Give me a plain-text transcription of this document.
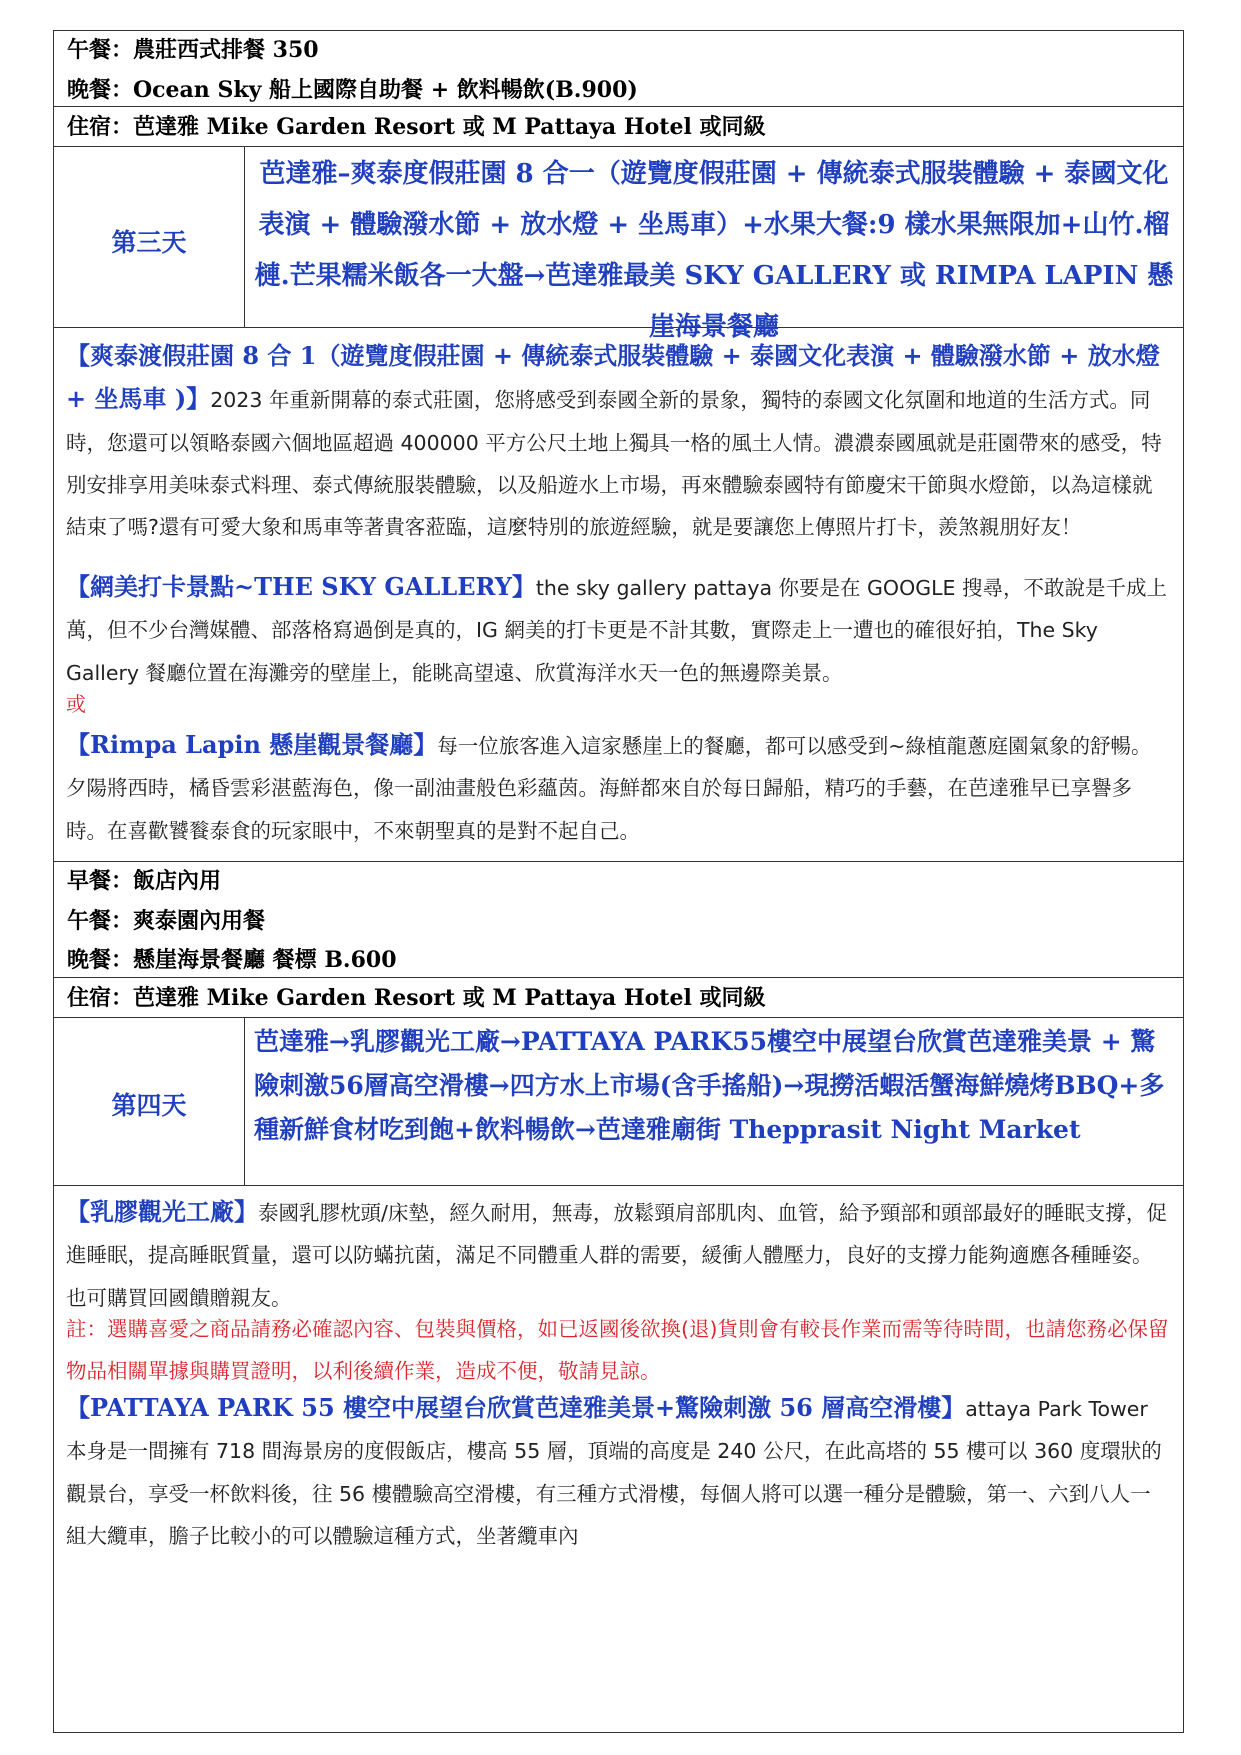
午餐：農莊西式排餐 350
晚餐：Ocean Sky 船上國際自助餐 + 飲料暢飲(B.900)
住宿：芭達雅 Mike Garden Resort 或 M Pattaya Hotel 或同級
第三天
芭達雅–爽泰度假莊園 8 合一（遊覽度假莊園 + 傳統泰式服裝體驗 + 泰國文化表演 + 體驗潑水節 + 放水燈 + 坐馬車）+水果大餐:9 樣水果無限加+山竹.榴槤.芒果糯米飯各一大盤→芭達雅最美 SKY GALLERY 或 RIMPA LAPIN 懸崖海景餐廳
【爽泰渡假莊園 8 合 1（遊覽度假莊園 + 傳統泰式服裝體驗 + 泰國文化表演 + 體驗潑水節 + 放水燈 + 坐馬車 )】2023 年重新開幕的泰式莊園，您將感受到泰國全新的景象，獨特的泰國文化氛圍和地道的生活方式。同時，您還可以領略泰國六個地區超過 400000 平方公尺土地上獨具一格的風土人情。濃濃泰國風就是莊園帶來的感受，特別安排享用美味泰式料理、泰式傳統服裝體驗，以及船遊水上市場，再來體驗泰國特有節慶宋干節與水燈節，以為這樣就結束了嗎?還有可愛大象和馬車等著貴客蒞臨，這麼特別的旅遊經驗，就是要讓您上傳照片打卡，羨煞親朋好友！
【網美打卡景點~THE SKY GALLERY】the sky gallery pattaya 你要是在 GOOGLE 搜尋，不敢說是千成上萬，但不少台灣媒體、部落格寫過倒是真的，IG 網美的打卡更是不計其數，實際走上一遭也的確很好拍，The Sky Gallery 餐廳位置在海灘旁的壁崖上，能眺高望遠、欣賞海洋水天一色的無邊際美景。
或
【Rimpa Lapin 懸崖觀景餐廳】每一位旅客進入這家懸崖上的餐廳，都可以感受到~綠植龍蔥庭園氣象的舒暢。夕陽將西時，橘昏雲彩湛藍海色，像一副油畫般色彩蘊茵。海鮮都來自於每日歸船，精巧的手藝，在芭達雅早已享譽多時。在喜歡饕餮泰食的玩家眼中，不來朝聖真的是對不起自己。
早餐：飯店內用
午餐：爽泰園內用餐
晚餐：懸崖海景餐廳 餐標 B.600
住宿：芭達雅 Mike Garden Resort 或 M Pattaya Hotel 或同級
第四天
芭達雅→乳膠觀光工廠→PATTAYA PARK55樓空中展望台欣賞芭達雅美景 + 驚險刺激56層高空滑樓→四方水上市場(含手搖船)→現撈活蝦活蟹海鮮燒烤BBQ+多種新鮮食材吃到飽+飲料暢飲→芭達雅廟街 Thepprasit Night Market
【乳膠觀光工廠】泰國乳膠枕頭/床墊，經久耐用，無毒，放鬆頸肩部肌肉、血管，給予頸部和頭部最好的睡眠支撐，促進睡眠，提高睡眠質量，還可以防蟎抗菌，滿足不同體重人群的需要，緩衝人體壓力，良好的支撐力能夠適應各種睡姿。也可購買回國饋贈親友。
註：選購喜愛之商品請務必確認內容、包裝與價格，如已返國後欲換(退)貨則會有較長作業而需等待時間，也請您務必保留物品相關單據與購買證明，以利後續作業，造成不便，敬請見諒。
【PATTAYA PARK 55 樓空中展望台欣賞芭達雅美景+驚險刺激 56 層高空滑樓】attaya Park Tower 本身是一間擁有 718 間海景房的度假飯店，樓高 55 層，頂端的高度是 240 公尺，在此高塔的 55 樓可以 360 度環狀的觀景台，享受一杯飲料後，往 56 樓體驗高空滑樓，有三種方式滑樓，每個人將可以選一種分是體驗，第一、六到八人一組大纜車，膽子比較小的可以體驗這種方式，坐著纜車內
